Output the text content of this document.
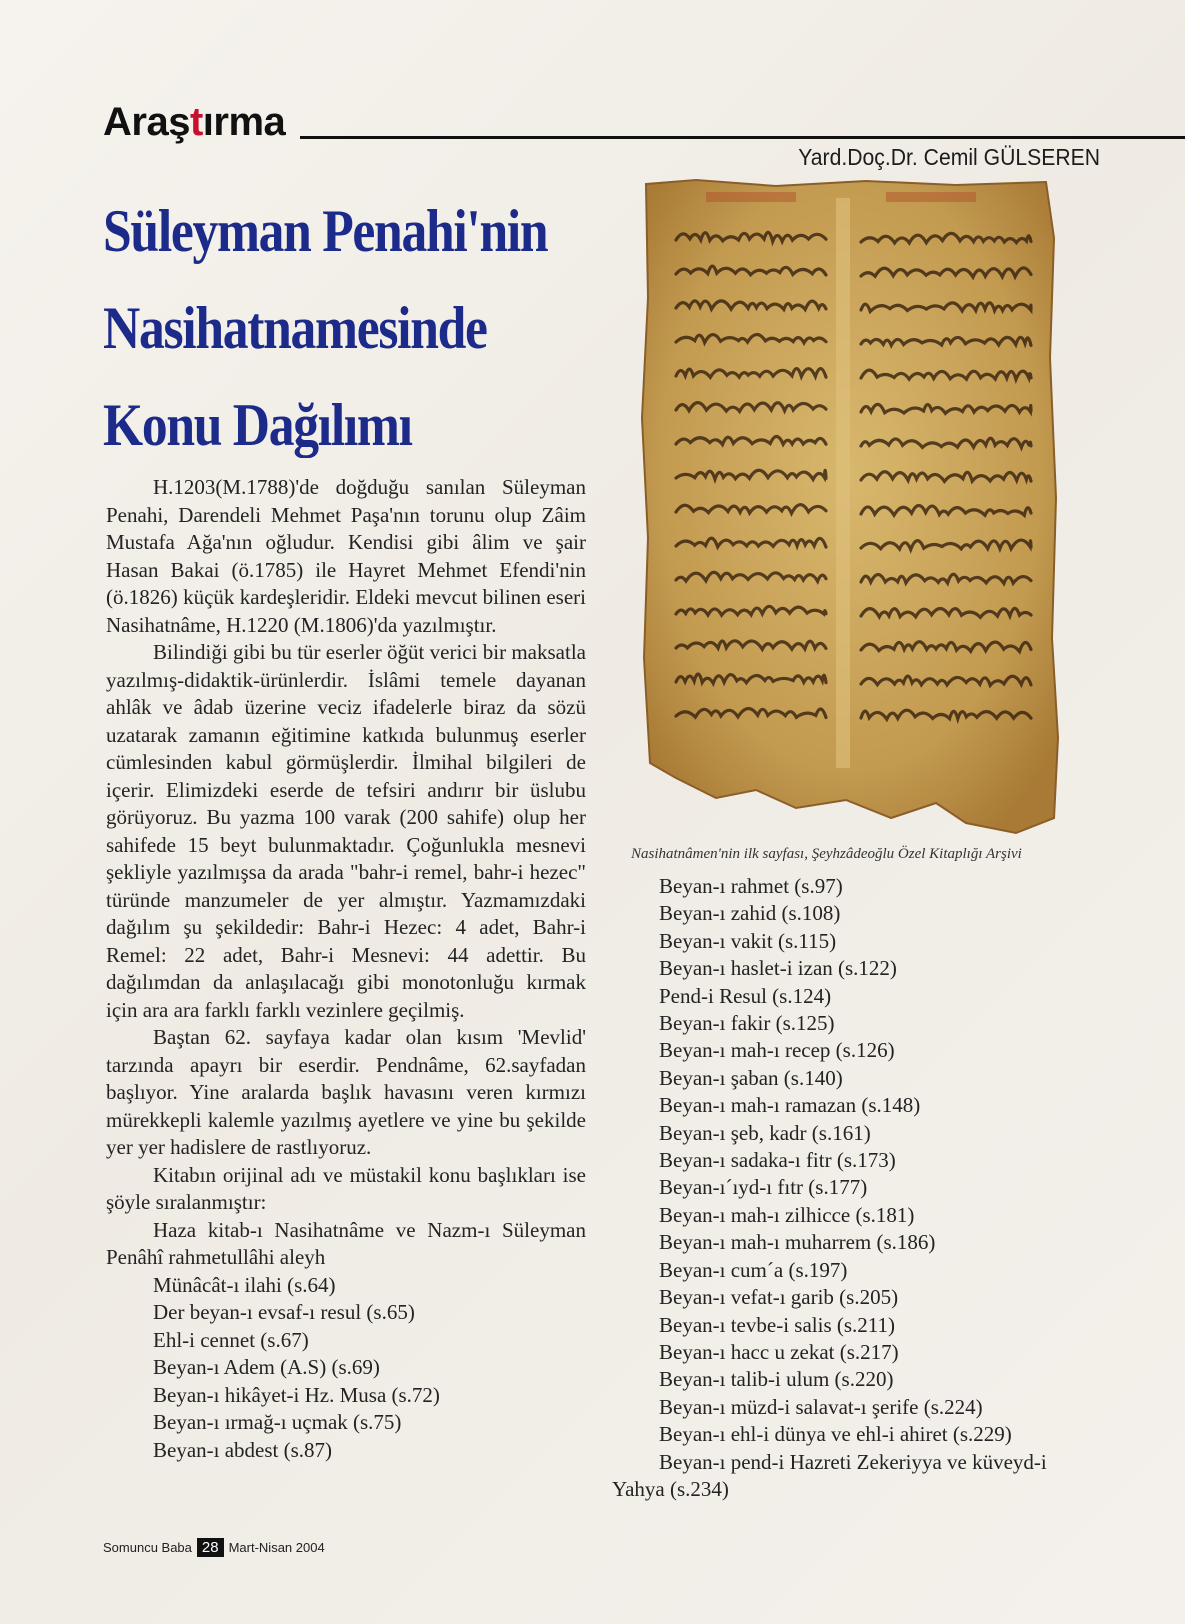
Araştırma
Yard.Doç.Dr. Cemil GÜLSEREN
Süleyman Penahi'nin
Nasihatnamesinde
Konu Dağılımı

H.1203(M.1788)'de doğduğu sanılan Süleyman Penahi, Darendeli Mehmet Paşa'nın torunu olup Zâim Mustafa Ağa'nın oğludur. Kendisi gibi âlim ve şair Hasan Bakai (ö.1785) ile Hayret Mehmet Efendi'nin (ö.1826) küçük kardeşleridir. Eldeki mevcut bilinen eseri Nasihatnâme, H.1220 (M.1806)'da yazılmıştır.

Bilindiği gibi bu tür eserler öğüt verici bir maksatla yazılmış-didaktik-ürünlerdir. İslâmi temele dayanan ahlâk ve âdab üzerine veciz ifadelerle biraz da sözü uzatarak zamanın eğitimine katkıda bulunmuş eserler cümlesinden kabul görmüşlerdir. İlmihal bilgileri de içerir. Elimizdeki eserde de tefsiri andırır bir üslubu görüyoruz. Bu yazma 100 varak (200 sahife) olup her sahifede 15 beyt bulunmaktadır. Çoğunlukla mesnevi şekliyle yazılmışsa da arada "bahr-i remel, bahr-i hezec" türünde manzumeler de yer almıştır. Yazmamızdaki dağılım şu şekildedir: Bahr-i Hezec: 4 adet, Bahr-i Remel: 22 adet, Bahr-i Mesnevi: 44 adettir. Bu dağılımdan da anlaşılacağı gibi monotonluğu kırmak için ara ara farklı farklı vezinlere geçilmiş.

Baştan 62. sayfaya kadar olan kısım 'Mevlid' tarzında apayrı bir eserdir. Pendnâme, 62.sayfadan başlıyor. Yine aralarda başlık havasını veren kırmızı mürekkepli kalemle yazılmış ayetlere ve yine bu şekilde yer yer hadislere de rastlıyoruz.

Kitabın orijinal adı ve müstakil konu başlıkları ise şöyle sıralanmıştır:

Haza kitab-ı Nasihatnâme ve Nazm-ı Süleyman Penâhî rahmetullâhi aleyh

Münâcât-ı ilahi (s.64)

Der beyan-ı evsaf-ı resul (s.65)

Ehl-i cennet (s.67)

Beyan-ı Adem (A.S) (s.69)

Beyan-ı hikâyet-i Hz. Musa (s.72)

Beyan-ı ırmağ-ı uçmak (s.75)

Beyan-ı abdest (s.87)

Nasihatnâmen'nin ilk sayfası, Şeyhzâdeoğlu Özel Kitaplığı Arşivi
Beyan-ı rahmet (s.97)
Beyan-ı zahid (s.108)
Beyan-ı vakit (s.115)
Beyan-ı haslet-i izan (s.122)
Pend-i Resul (s.124)
Beyan-ı fakir (s.125)
Beyan-ı mah-ı recep (s.126)
Beyan-ı şaban (s.140)
Beyan-ı mah-ı ramazan (s.148)
Beyan-ı şeb, kadr (s.161)
Beyan-ı sadaka-ı fitr (s.173)
Beyan-ı´ıyd-ı fıtr (s.177)
Beyan-ı mah-ı zilhicce (s.181)
Beyan-ı mah-ı muharrem (s.186)
Beyan-ı cum´a (s.197)
Beyan-ı vefat-ı garib (s.205)
Beyan-ı tevbe-i salis (s.211)
Beyan-ı hacc u zekat (s.217)
Beyan-ı talib-i ulum (s.220)
Beyan-ı müzd-i salavat-ı şerife (s.224)
Beyan-ı ehl-i dünya ve ehl-i ahiret (s.229)
Beyan-ı pend-i Hazreti Zekeriyya ve küveyd-i Yahya (s.234)
Somuncu Baba 28 Mart-Nisan 2004
